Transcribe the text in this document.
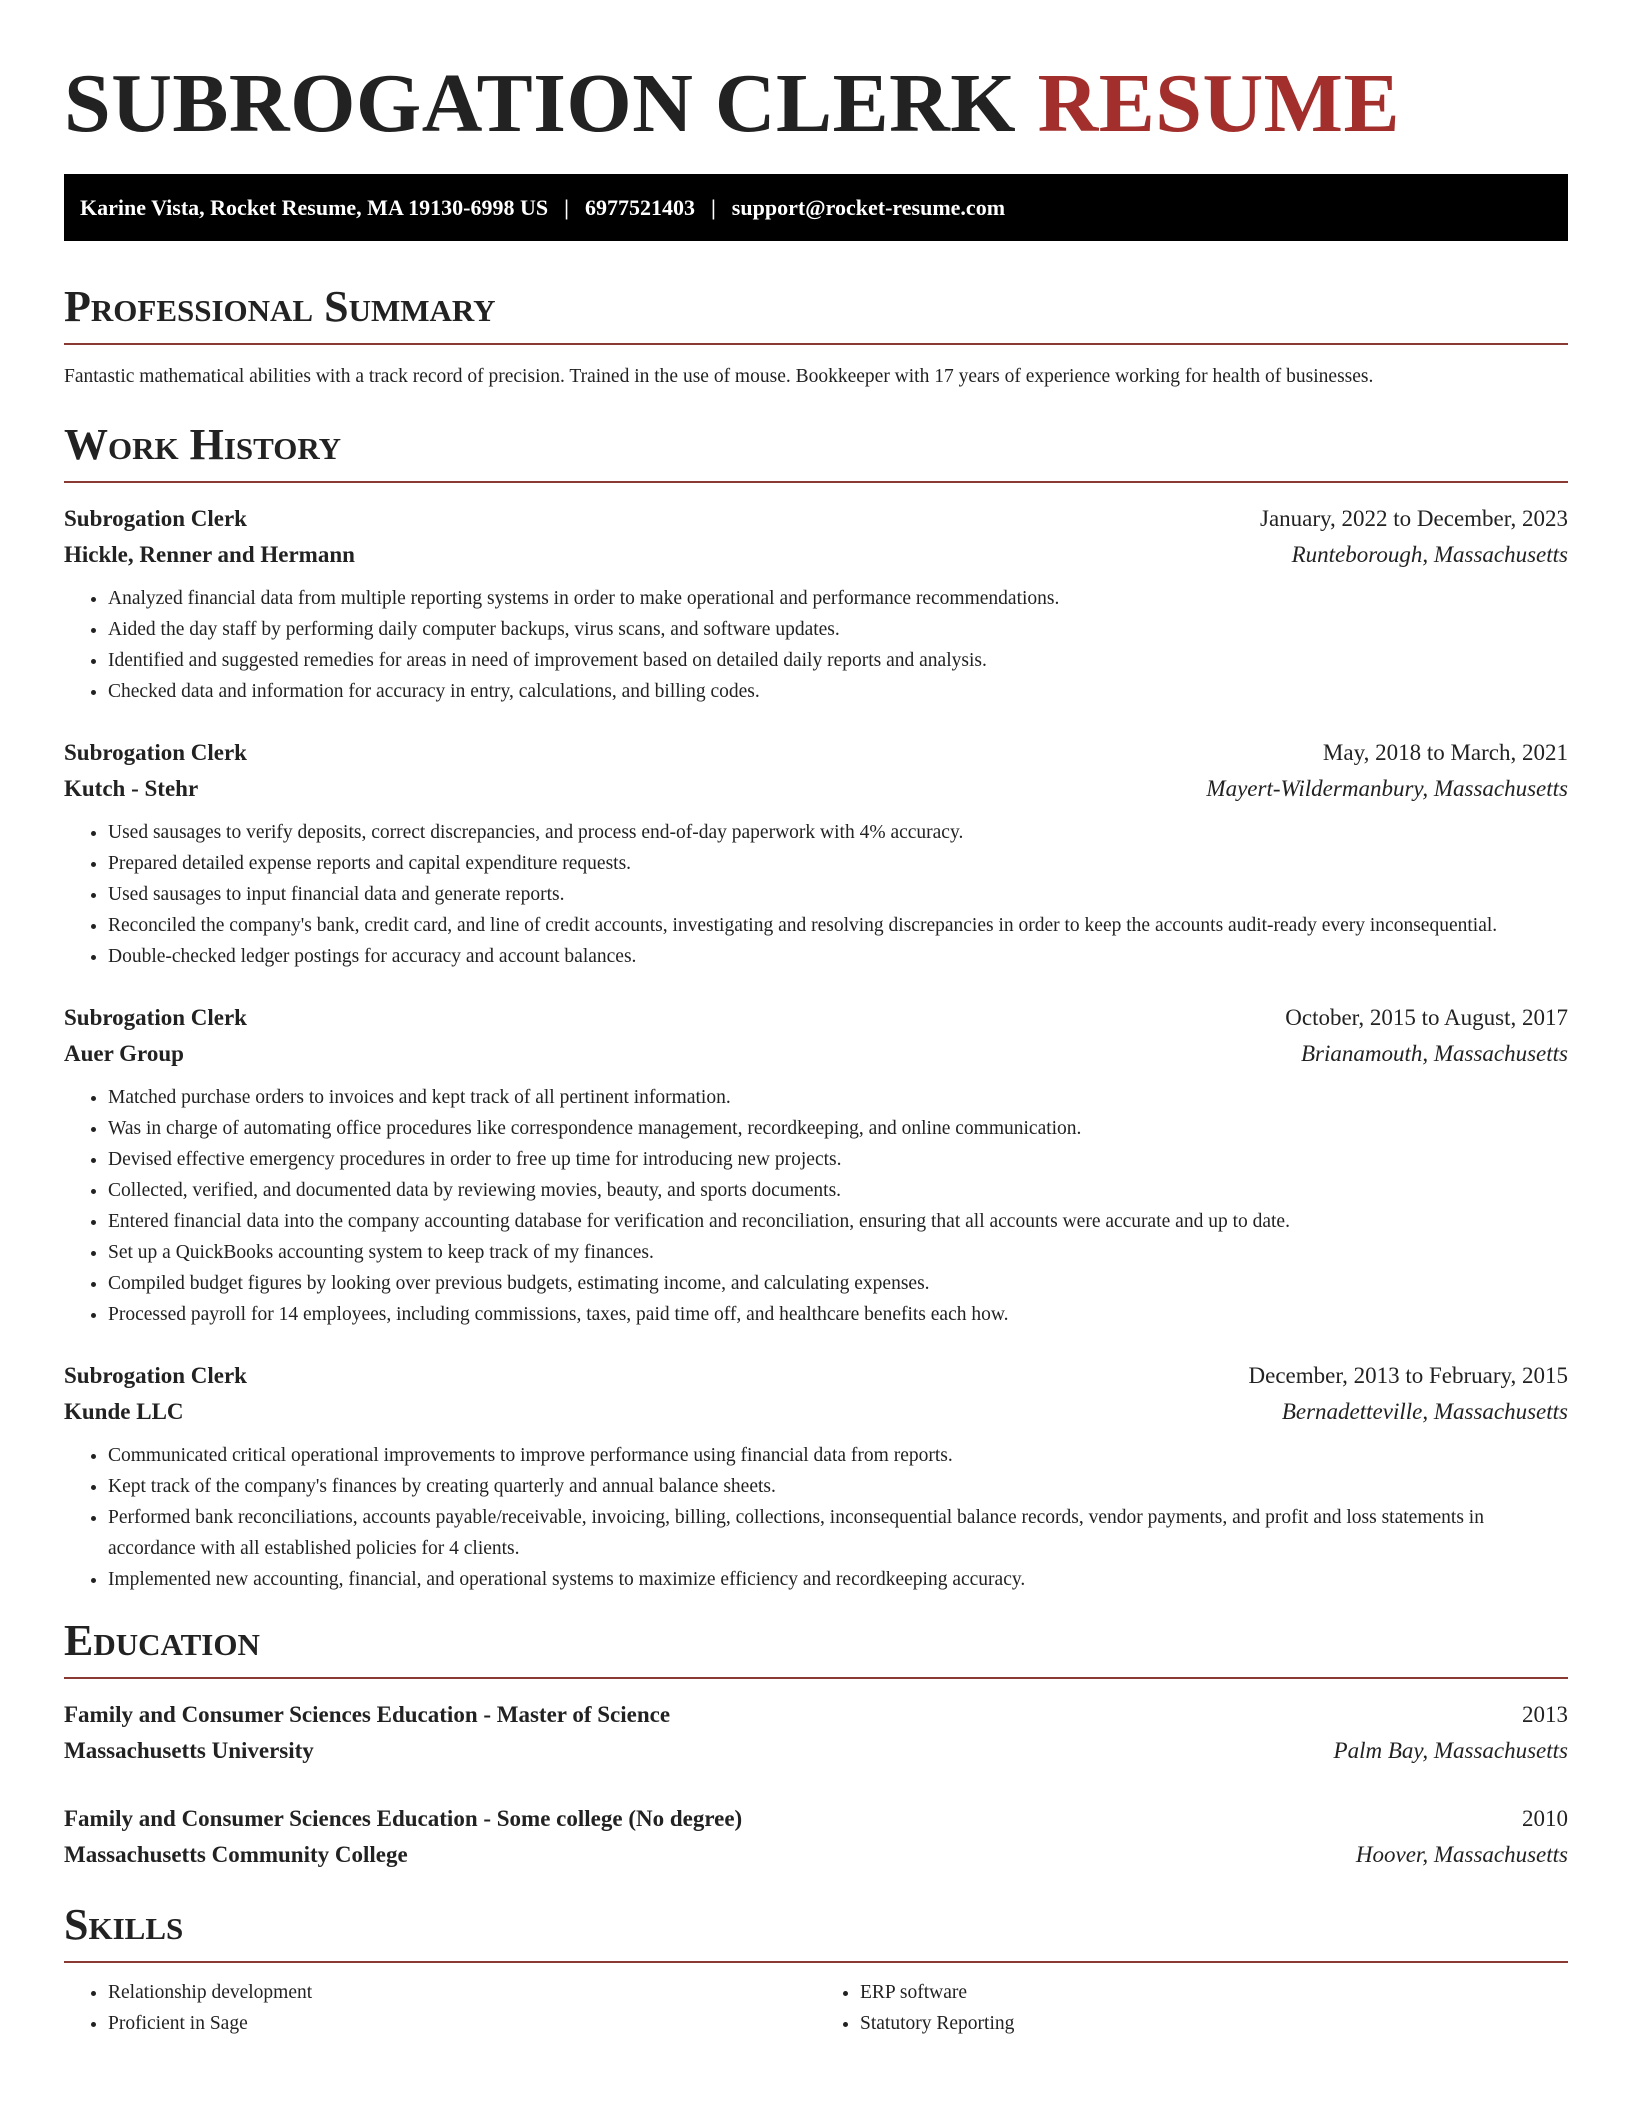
SUBROGATION CLERK RESUME
Karine Vista, Rocket Resume, MA 19130-6998 US | 6977521403 | support@rocket-resume.com
Professional Summary

Fantastic mathematical abilities with a track record of precision. Trained in the use of mouse. Bookkeeper with 17 years of experience working for health of businesses.

Work History
Subrogation Clerk	January, 2022 to December, 2023
Hickle, Renner and Hermann	Runteborough, Massachusetts
• Analyzed financial data from multiple reporting systems in order to make operational and performance recommendations.
• Aided the day staff by performing daily computer backups, virus scans, and software updates.
• Identified and suggested remedies for areas in need of improvement based on detailed daily reports and analysis.
• Checked data and information for accuracy in entry, calculations, and billing codes.
Subrogation Clerk	May, 2018 to March, 2021
Kutch - Stehr	Mayert-Wildermanbury, Massachusetts
• Used sausages to verify deposits, correct discrepancies, and process end-of-day paperwork with 4% accuracy.
• Prepared detailed expense reports and capital expenditure requests.
• Used sausages to input financial data and generate reports.
• Reconciled the company's bank, credit card, and line of credit accounts, investigating and resolving discrepancies in order to keep the accounts audit-ready every inconsequential.
• Double-checked ledger postings for accuracy and account balances.
Subrogation Clerk	October, 2015 to August, 2017
Auer Group	Brianamouth, Massachusetts
• Matched purchase orders to invoices and kept track of all pertinent information.
• Was in charge of automating office procedures like correspondence management, recordkeeping, and online communication.
• Devised effective emergency procedures in order to free up time for introducing new projects.
• Collected, verified, and documented data by reviewing movies, beauty, and sports documents.
• Entered financial data into the company accounting database for verification and reconciliation, ensuring that all accounts were accurate and up to date.
• Set up a QuickBooks accounting system to keep track of my finances.
• Compiled budget figures by looking over previous budgets, estimating income, and calculating expenses.
• Processed payroll for 14 employees, including commissions, taxes, paid time off, and healthcare benefits each how.
Subrogation Clerk	December, 2013 to February, 2015
Kunde LLC	Bernadetteville, Massachusetts
• Communicated critical operational improvements to improve performance using financial data from reports.
• Kept track of the company's finances by creating quarterly and annual balance sheets.
• Performed bank reconciliations, accounts payable/receivable, invoicing, billing, collections, inconsequential balance records, vendor payments, and profit and loss statements in accordance with all established policies for 4 clients.
• Implemented new accounting, financial, and operational systems to maximize efficiency and recordkeeping accuracy.
Education
Family and Consumer Sciences Education - Master of Science	2013
Massachusetts University	Palm Bay, Massachusetts
Family and Consumer Sciences Education - Some college (No degree)	2010
Massachusetts Community College	Hoover, Massachusetts
Skills
• Relationship development
• Proficient in Sage
• ERP software
• Statutory Reporting
